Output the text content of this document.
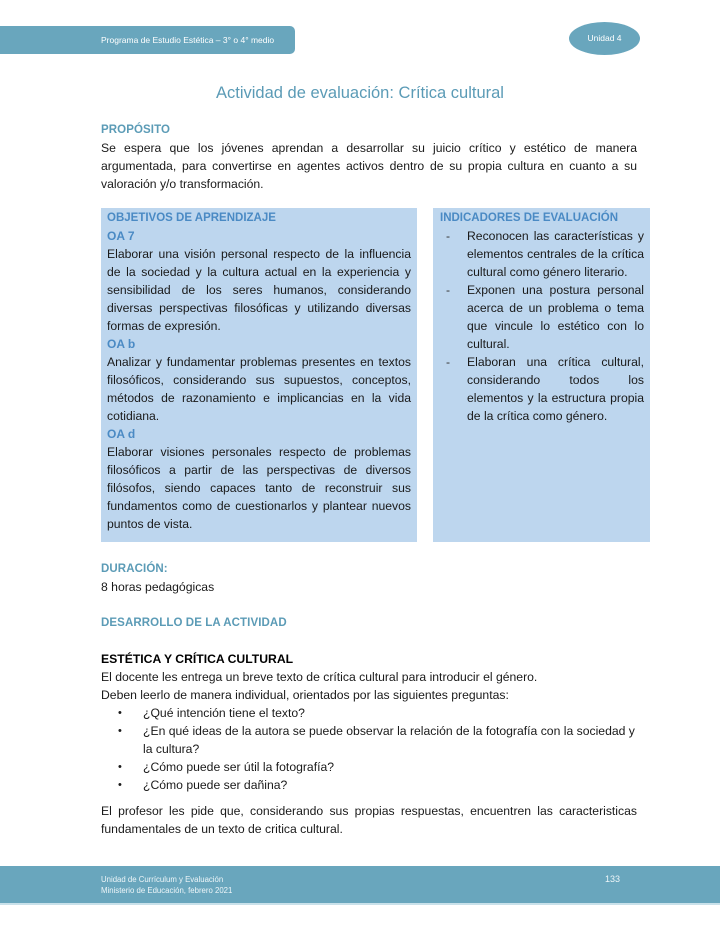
Programa de Estudio Estética – 3° o 4° medio	Unidad 4
Actividad de evaluación: Crítica cultural
PROPÓSITO
Se espera que los jóvenes aprendan a desarrollar su juicio crítico y estético de manera argumentada, para convertirse en agentes activos dentro de su propia cultura en cuanto a su valoración y/o transformación.
OBJETIVOS DE APRENDIZAJE
OA 7
Elaborar una visión personal respecto de la influencia de la sociedad y la cultura actual en la experiencia y sensibilidad de los seres humanos, considerando diversas perspectivas filosóficas y utilizando diversas formas de expresión.
OA b
Analizar y fundamentar problemas presentes en textos filosóficos, considerando sus supuestos, conceptos, métodos de razonamiento e implicancias en la vida cotidiana.
OA d
Elaborar visiones personales respecto de problemas filosóficos a partir de las perspectivas de diversos filósofos, siendo capaces tanto de reconstruir sus fundamentos como de cuestionarlos y plantear nuevos puntos de vista.
INDICADORES DE EVALUACIÓN
- Reconocen las características y elementos centrales de la crítica cultural como género literario.
- Exponen una postura personal acerca de un problema o tema que vincule lo estético con lo cultural.
- Elaboran una crítica cultural, considerando todos los elementos y la estructura propia de la crítica como género.
DURACIÓN:
8 horas pedagógicas
DESARROLLO DE LA ACTIVIDAD
ESTÉTICA Y CRÍTICA CULTURAL
El docente les entrega un breve texto de crítica cultural para introducir el género.
Deben leerlo de manera individual, orientados por las siguientes preguntas:
• ¿Qué intención tiene el texto?
• ¿En qué ideas de la autora se puede observar la relación de la fotografía con la sociedad y la cultura?
• ¿Cómo puede ser útil la fotografía?
• ¿Cómo puede ser dañina?
El profesor les pide que, considerando sus propias respuestas, encuentren las caracteristicas fundamentales de un texto de critica cultural.
Unidad de Currículum y Evaluación
Ministerio de Educación, febrero 2021
133
